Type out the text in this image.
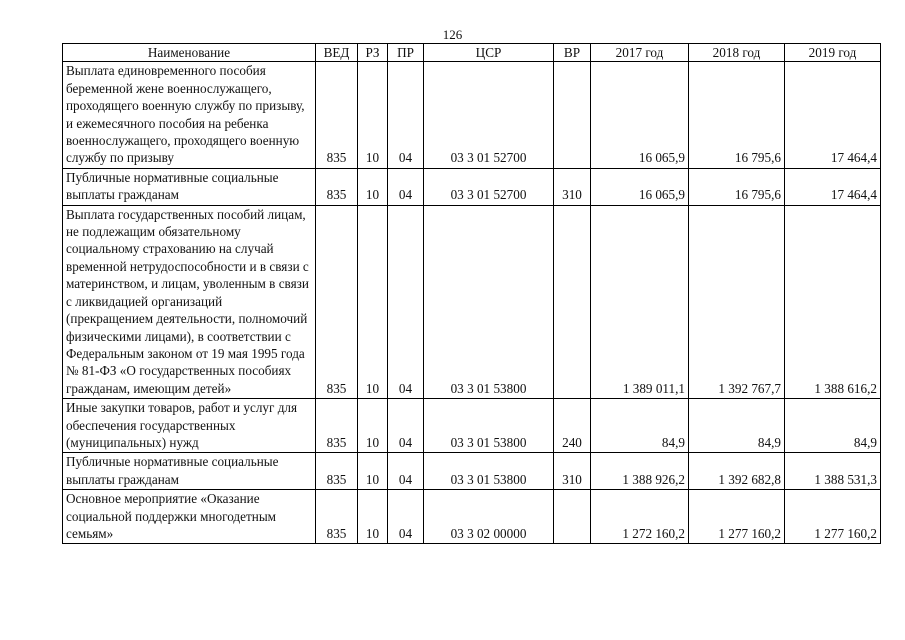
126
Наименование	ВЕД	РЗ	ПР	ЦСР	ВР	2017 год	2018 год	2019 год
Выплата единовременного пособия беременной жене военнослужащего, проходящего военную службу по призыву, и ежемесячного пособия на ребенка военнослужащего, проходящего военную службу по призыву	835	10	04	03 3 01 52700		16 065,9	16 795,6	17 464,4
Публичные нормативные социальные выплаты гражданам	835	10	04	03 3 01 52700	310	16 065,9	16 795,6	17 464,4
Выплата государственных пособий лицам, не подлежащим обязательному социальному страхованию на случай временной нетрудоспособности и в связи с материнством, и лицам, уволенным в связи с ликвидацией организаций (прекращением деятельности, полномочий физическими лицами), в соответствии с Федеральным законом от 19 мая 1995 года № 81-ФЗ «О государственных пособиях гражданам, имеющим детей»	835	10	04	03 3 01 53800		1 389 011,1	1 392 767,7	1 388 616,2
Иные закупки товаров, работ и услуг для обеспечения государственных (муниципальных) нужд	835	10	04	03 3 01 53800	240	84,9	84,9	84,9
Публичные нормативные социальные выплаты гражданам	835	10	04	03 3 01 53800	310	1 388 926,2	1 392 682,8	1 388 531,3
Основное мероприятие «Оказание социальной поддержки многодетным семьям»	835	10	04	03 3 02 00000		1 272 160,2	1 277 160,2	1 277 160,2
